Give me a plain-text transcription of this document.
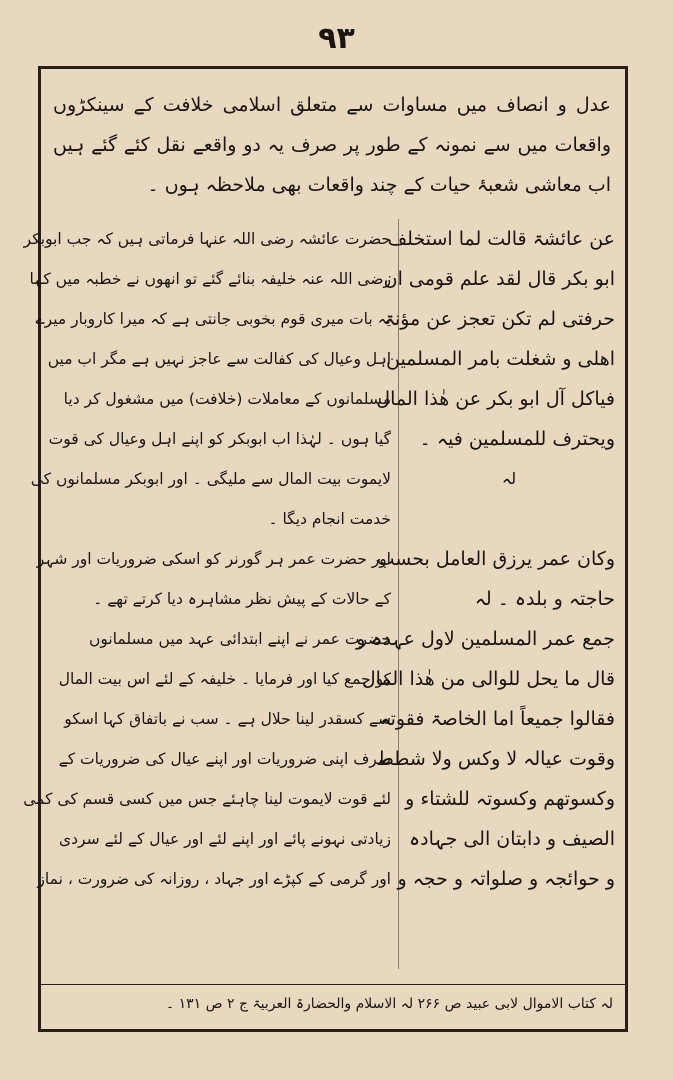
۹۳
عدل و انصاف میں مساوات سے متعلق اسلامی خلافت کے سینکڑوں واقعات میں سے نمونہ کے طور پر صرف یہ دو واقعے نقل کئے گئے ہیں اب معاشی شعبۂ حیات کے چند واقعات بھی ملاحظہ ہوں ۔
عن عائشۃ قالت لما استخلف
ابو بکر قال لقد علم قومی ان
حرفتی لم تکن تعجز عن مؤنۃ
اھلی و شغلت بامر المسلمین
فیاکل آل ابو بکر عن ھٰذا المال
ویحترف للمسلمین فیہ ۔
لہ
وکان عمر یرزق العامل بحسب
حاجتہ و بلدہ ۔ لہ
جمع عمر المسلمین لاول عہدہ و
قال ما یحل للوالی من ھٰذا المال
فقالوا جمیعاً اما الخاصۃ فقوتہ
وقوت عیالہ لا وکس ولا شطط
وکسوتھم وکسوتہ للشتاء و
الصیف و دابتان الی جہادہ
و حوائجہ و صلواتہ و حجہ و
حضرت عائشہ رضی اللہ عنہا فرماتی ہیں کہ جب ابوبکر
رضی اللہ عنہ خلیفہ بنائے گئے تو انھوں نے خطبہ میں کہا
یہ بات میری قوم بخوبی جانتی ہے کہ میرا کاروبار میرے
اہل وعیال کی کفالت سے عاجز نہیں ہے مگر اب میں
مسلمانوں کے معاملات (خلافت) میں مشغول کر دیا
گیا ہوں ۔ لہٰذا اب ابوبکر کو اپنے اہل وعیال کی قوت
لایموت بیت المال سے ملیگی ۔ اور ابوبکر مسلمانوں کی
خدمت انجام دیگا ۔
اور حضرت عمر ہر گورنر کو اسکی ضروریات اور شہر
کے حالات کے پیش نظر مشاہرہ دیا کرتے تھے ۔
حضرت عمر نے اپنے ابتدائی عہد میں مسلمانوں
کو جمع کیا اور فرمایا ۔ خلیفہ کے لئے اس بیت المال
سے کسقدر لینا حلال ہے ۔ سب نے باتفاق کہا اسکو
صرف اپنی ضروریات اور اپنے عیال کی ضروریات کے
لئے قوت لایموت لینا چاہئے جس میں کسی قسم کی کمی
زیادتی نہونے پائے اور اپنے لئے اور عیال کے لئے سردی
اور گرمی کے کپڑے اور جہاد ، روزانہ کی ضرورت ، نماز
لہ کتاب الاموال لابی عبید ص ۲۶۶ لہ الاسلام والحضارۃ العربیۃ ج ۲ ص ۱۳۱ ۔
